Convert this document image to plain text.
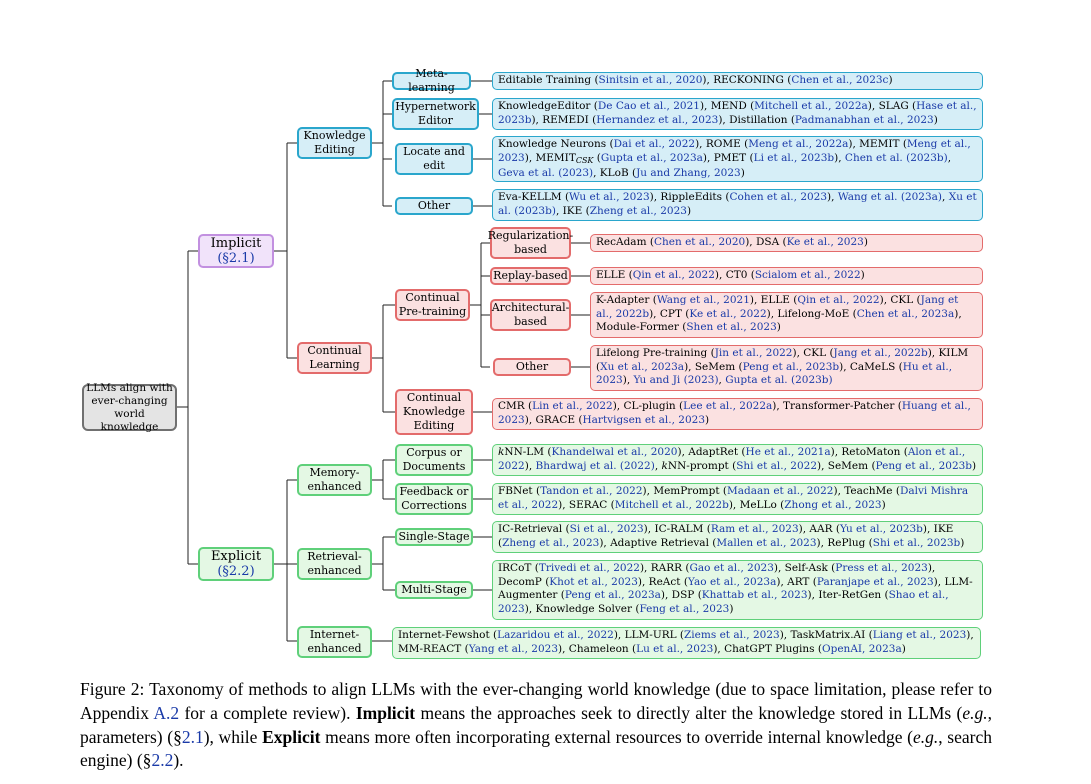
LLMs align with ever-changing world knowledge
Implicit
(§2.1)
Explicit
(§2.2)
Knowledge Editing
Continual Learning
Memory-enhanced
Retrieval-enhanced
Internet-enhanced
Meta-learning
Hypernetwork Editor
Locate and edit
Other
Continual Pre-training
Continual Knowledge Editing
Regularization-based
Replay-based
Architectural-based
Other
Corpus or Documents
Feedback or Corrections
Single-Stage
Multi-Stage
Editable Training (Sinitsin et al., 2020), RECKONING (Chen et al., 2023c)
KnowledgeEditor (De Cao et al., 2021), MEND (Mitchell et al., 2022a), SLAG (Hase et al., 2023b), REMEDI (Hernandez et al., 2023), Distillation (Padmanabhan et al., 2023)
Knowledge Neurons (Dai et al., 2022), ROME (Meng et al., 2022a), MEMIT (Meng et al., 2023), MEMITCSK (Gupta et al., 2023a), PMET (Li et al., 2023b), Chen et al. (2023b), Geva et al. (2023), KLoB (Ju and Zhang, 2023)
Eva-KELLM (Wu et al., 2023), RippleEdits (Cohen et al., 2023), Wang et al. (2023a), Xu et al. (2023b), IKE (Zheng et al., 2023)
RecAdam (Chen et al., 2020), DSA (Ke et al., 2023)
ELLE (Qin et al., 2022), CT0 (Scialom et al., 2022)
K-Adapter (Wang et al., 2021), ELLE (Qin et al., 2022), CKL (Jang et al., 2022b), CPT (Ke et al., 2022), Lifelong-MoE (Chen et al., 2023a), Module-Former (Shen et al., 2023)
Lifelong Pre-training (Jin et al., 2022), CKL (Jang et al., 2022b), KILM (Xu et al., 2023a), SeMem (Peng et al., 2023b), CaMeLS (Hu et al., 2023), Yu and Ji (2023), Gupta et al. (2023b)
CMR (Lin et al., 2022), CL-plugin (Lee et al., 2022a), Transformer-Patcher (Huang et al., 2023), GRACE (Hartvigsen et al., 2023)
kNN-LM (Khandelwal et al., 2020), AdaptRet (He et al., 2021a), RetoMaton (Alon et al., 2022), Bhardwaj et al. (2022), kNN-prompt (Shi et al., 2022), SeMem (Peng et al., 2023b)
FBNet (Tandon et al., 2022), MemPrompt (Madaan et al., 2022), TeachMe (Dalvi Mishra et al., 2022), SERAC (Mitchell et al., 2022b), MeLLo (Zhong et al., 2023)
IC-Retrieval (Si et al., 2023), IC-RALM (Ram et al., 2023), AAR (Yu et al., 2023b), IKE (Zheng et al., 2023), Adaptive Retrieval (Mallen et al., 2023), RePlug (Shi et al., 2023b)
IRCoT (Trivedi et al., 2022), RARR (Gao et al., 2023), Self-Ask (Press et al., 2023), DecomP (Khot et al., 2023), ReAct (Yao et al., 2023a), ART (Paranjape et al., 2023), LLM-Augmenter (Peng et al., 2023a), DSP (Khattab et al., 2023), Iter-RetGen (Shao et al., 2023), Knowledge Solver (Feng et al., 2023)
Internet-Fewshot (Lazaridou et al., 2022), LLM-URL (Ziems et al., 2023), TaskMatrix.AI (Liang et al., 2023), MM-REACT (Yang et al., 2023), Chameleon (Lu et al., 2023), ChatGPT Plugins (OpenAI, 2023a)
Figure 2: Taxonomy of methods to align LLMs with the ever-changing world knowledge (due to space limitation, please refer to Appendix A.2 for a complete review). Implicit means the approaches seek to directly alter the knowledge stored in LLMs (e.g., parameters) (§2.1), while Explicit means more often incorporating external resources to override internal knowledge (e.g., search engine) (§2.2).
